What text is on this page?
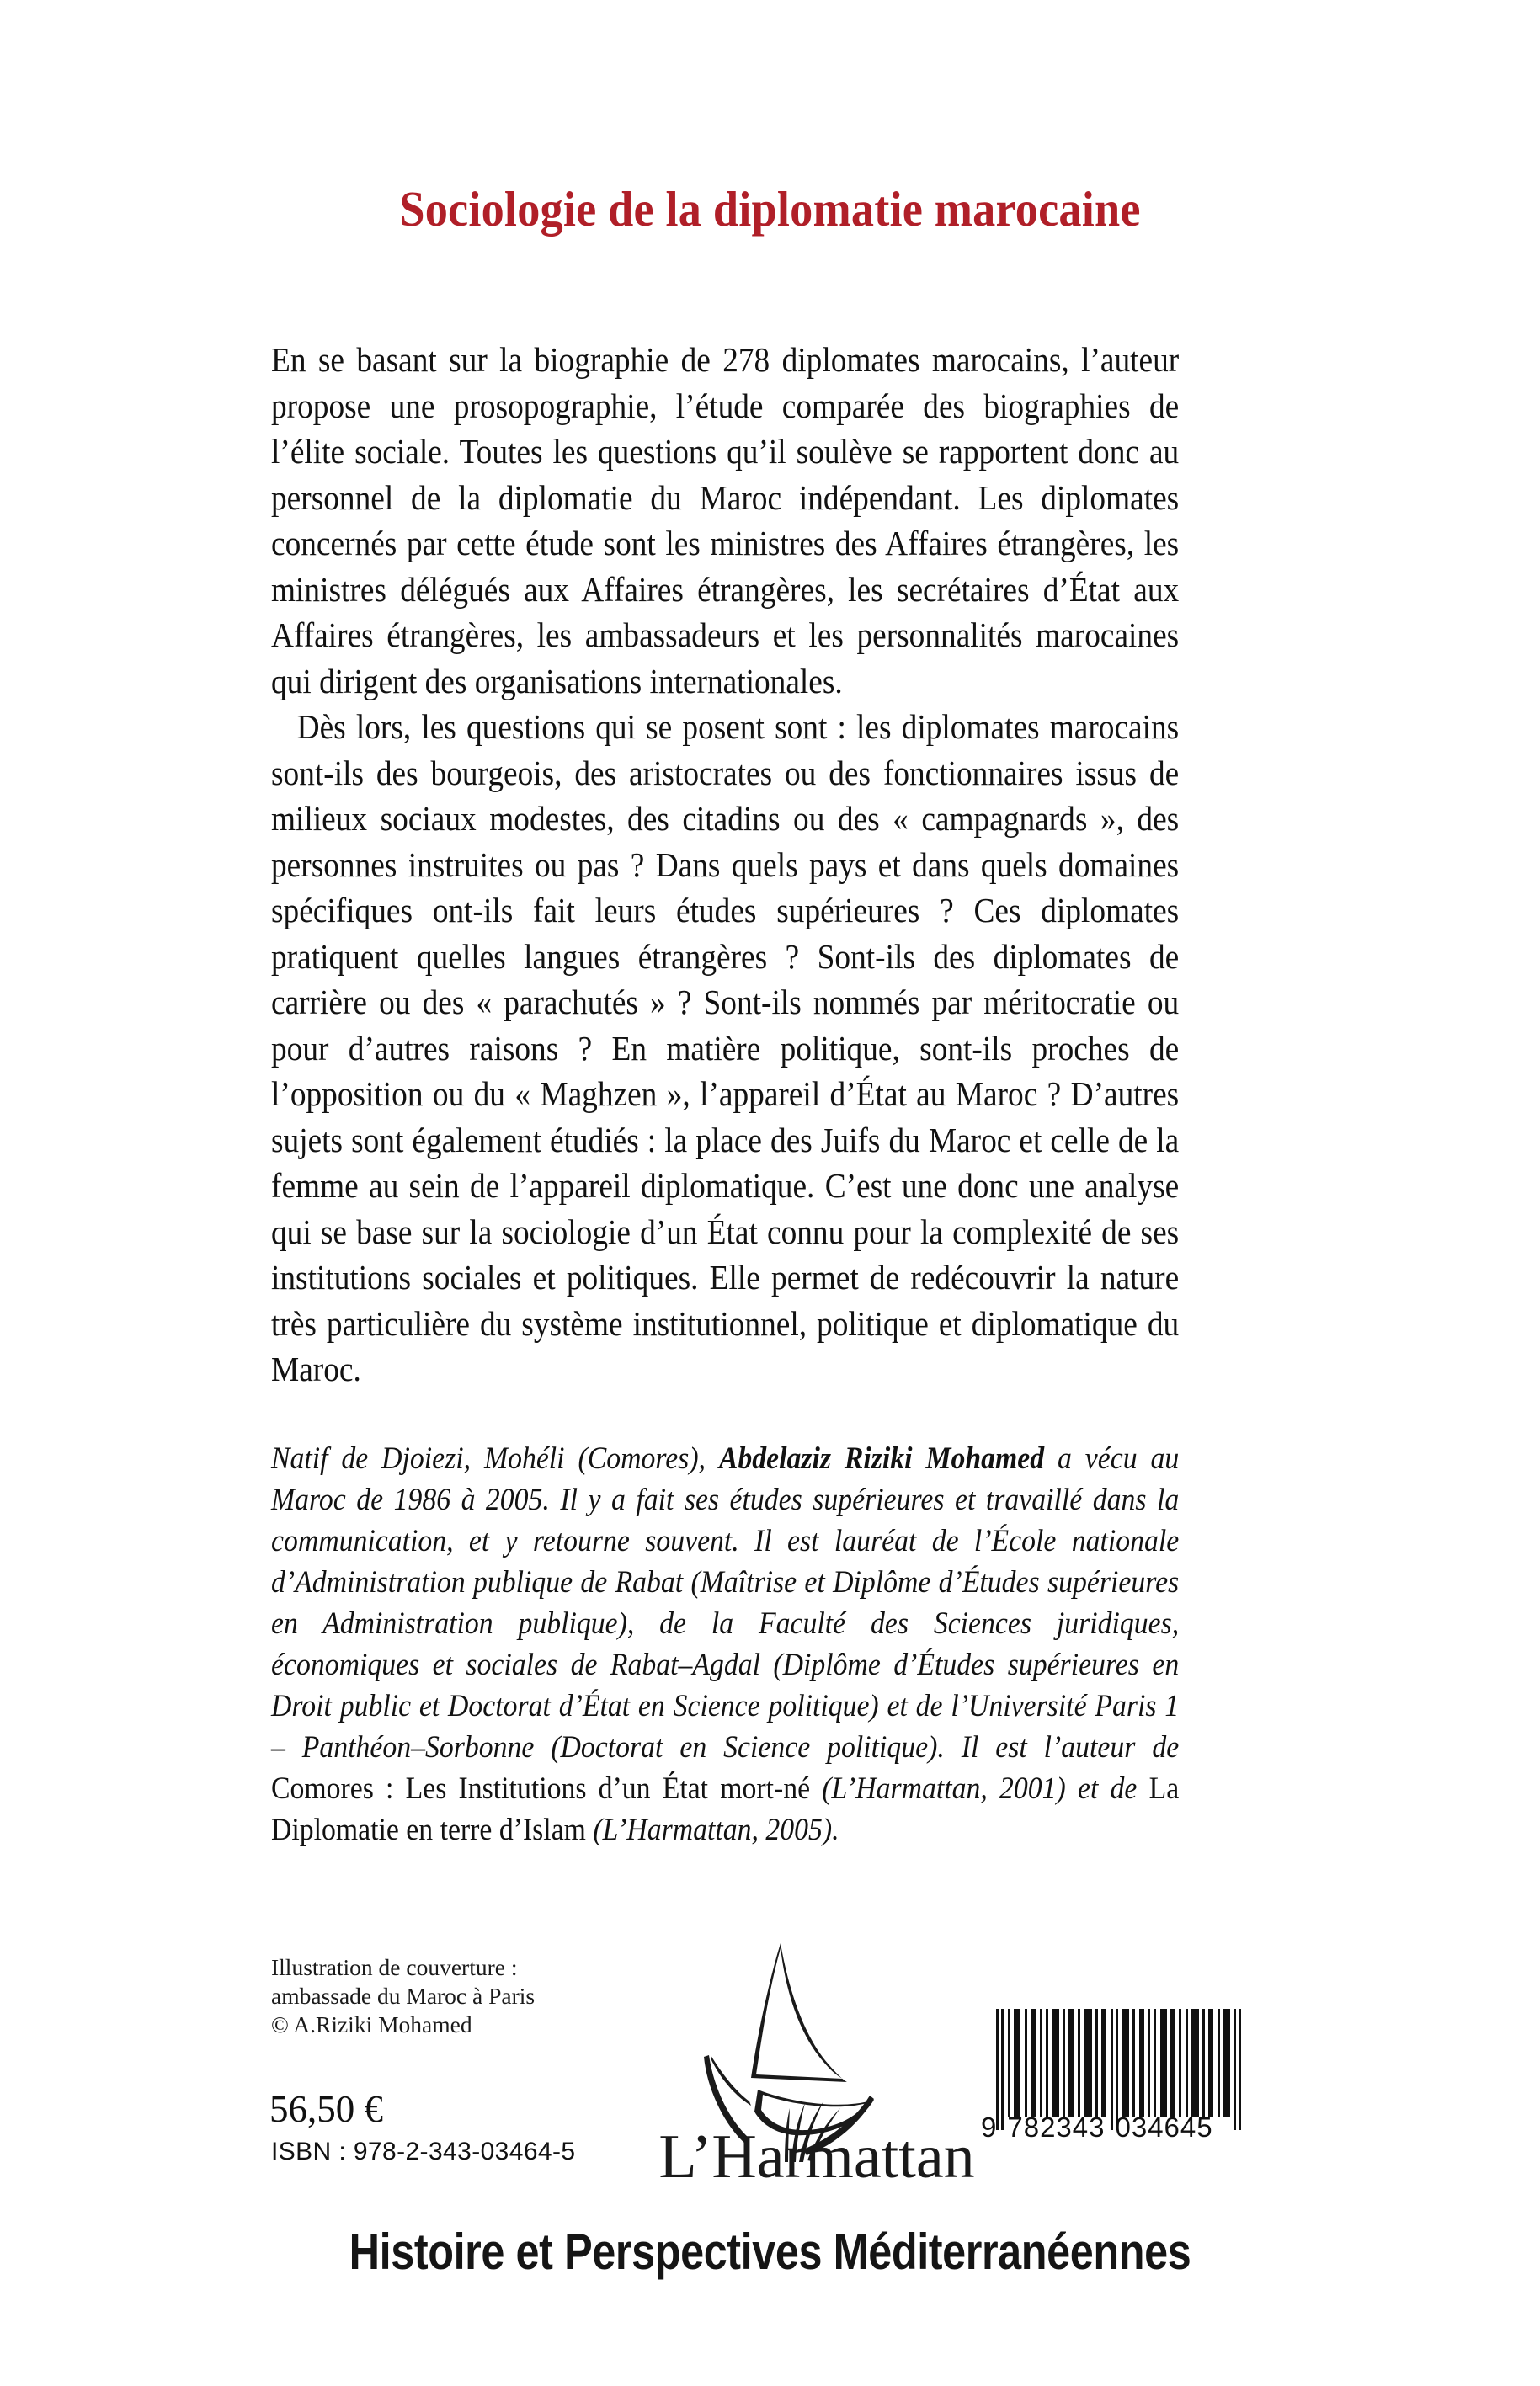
Sociologie de la diplomatie marocaine

En se basant sur la biographie de 278 diplomates marocains, l’auteur propose une prosopographie, l’étude comparée des biographies de l’élite sociale. Toutes les questions qu’il soulève se rapportent donc au personnel de la diplomatie du Maroc indépendant. Les diplomates concernés par cette étude sont les ministres des Affaires étrangères, les ministres délégués aux Affaires étrangères, les secrétaires d’État aux Affaires étrangères, les ambassadeurs et les personnalités marocaines qui dirigent des organisations internationales.

Dès lors, les questions qui se posent sont : les diplomates marocains sont-ils des bourgeois, des aristocrates ou des fonctionnaires issus de milieux sociaux modestes, des citadins ou des « campagnards », des personnes instruites ou pas ? Dans quels pays et dans quels domaines spécifiques ont-ils fait leurs études supérieures ? Ces diplomates pratiquent quelles langues étrangères ? Sont-ils des diplomates de carrière ou des « parachutés » ? Sont-ils nommés par méritocratie ou pour d’autres raisons ? En matière politique, sont-ils proches de l’opposition ou du « Maghzen », l’appareil d’État au Maroc ? D’autres sujets sont également étudiés : la place des Juifs du Maroc et celle de la femme au sein de l’appareil diplomatique. C’est une donc une analyse qui se base sur la sociologie d’un État connu pour la complexité de ses institutions sociales et politiques. Elle permet de redécouvrir la nature très particulière du système institutionnel, politique et diplomatique du Maroc.

Natif de Djoiezi, Mohéli (Comores), Abdelaziz Riziki Mohamed a vécu au Maroc de 1986 à 2005. Il y a fait ses études supérieures et travaillé dans la communication, et y retourne souvent. Il est lauréat de l’École nationale d’Administration publique de Rabat (Maîtrise et Diplôme d’Études supérieures en Administration publique), de la Faculté des Sciences juridiques, économiques et sociales de Rabat–Agdal (Diplôme d’Études supérieures en Droit public et Doctorat d’État en Science politique) et de l’Université Paris 1 – Panthéon–Sorbonne (Doctorat en Science politique). Il est l’auteur de Comores : Les Institutions d’un État mort-né (L’Harmattan, 2001) et de La Diplomatie en terre d’Islam (L’Harmattan, 2005).

Illustration de couverture :
ambassade du Maroc à Paris
© A.Riziki Mohamed
56,50 €
ISBN : 978-2-343-03464-5 L’Harmattan 9 782343 034645
Histoire et Perspectives Méditerranéennes
